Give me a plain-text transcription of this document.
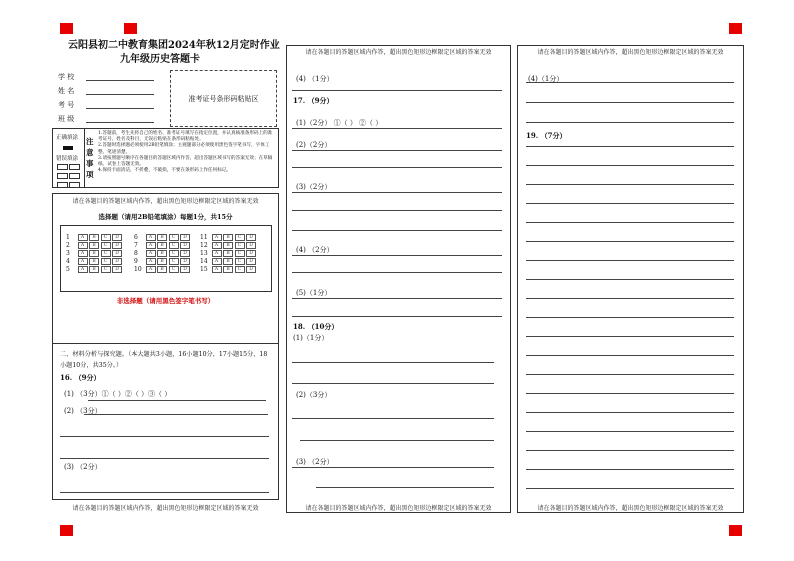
云阳县初二中教育集团2024年秋12月定时作业
九年级历史答题卡
学 校
姓 名
考 号
班 级
准考证号条形码粘贴区
正确填涂
错误填涂

注意事项
1.答题前，考生先将自己的姓名、准考证号填写在指定位置，并认真核准条形码上的准考证号、姓名及科目，无误后粘贴在条形码粘贴处。
2.答题时选择题必须使用2B铅笔填涂；主观题部分必须使用黑色签字笔书写，字体工整、笔迹清楚。
3.请按照题号顺序在各题目的答题区域内作答，超出答题区域书写的答案无效；在草稿纸、试卷上答题无效。
4.保持卡面清洁，不折叠，不破损，不要在条形码上作任何标记。
请在各题目的答题区域内作答，超出黑色矩形边框限定区域的答案无效
选择题（请用2B铅笔填涂）每题1分，共15分
1	A	B	C	D
2	A	B	C	D
3	A	B	C	D
4	A	B	C	D
5	A	B	C	D
6	A	B	C	D
7	A	B	C	D
8	A	B	C	D
9	A	B	C	D
10	A	B	C	D
11	A	B	C	D
12	A	B	C	D
13	A	B	C	D
14	A	B	C	D
15	A	B	C	D
非选择题（请用黑色签字笔书写）
二、材料分析与探究题。（本大题共3小题，16小题10分，17小题15分，18小题10分，共35分。）
16. （9分）
(1) （3分）①（ ）②（ ）③（ ）
(2) （3分）
(3) （2分）
请在各题目的答题区域内作答，超出黑色矩形边框限定区域的答案无效
请在各题目的答题区域内作答，超出黑色矩形边框限定区域的答案无效
(4) （1分）
17. （9分）
(1)（2分） ①（ ） ②（ ）
(2)（2分）
(3)（2分）
(4) （2分）
(5)（1分）
18. （10分）
(1)（1分）
(2)（3分）
(3) （2分）
请在各题目的答题区域内作答，超出黑色矩形边框限定区域的答案无效
请在各题目的答题区域内作答，超出黑色矩形边框限定区域的答案无效
(4)（1分）
19. （7分）
请在各题目的答题区域内作答，超出黑色矩形边框限定区域的答案无效
